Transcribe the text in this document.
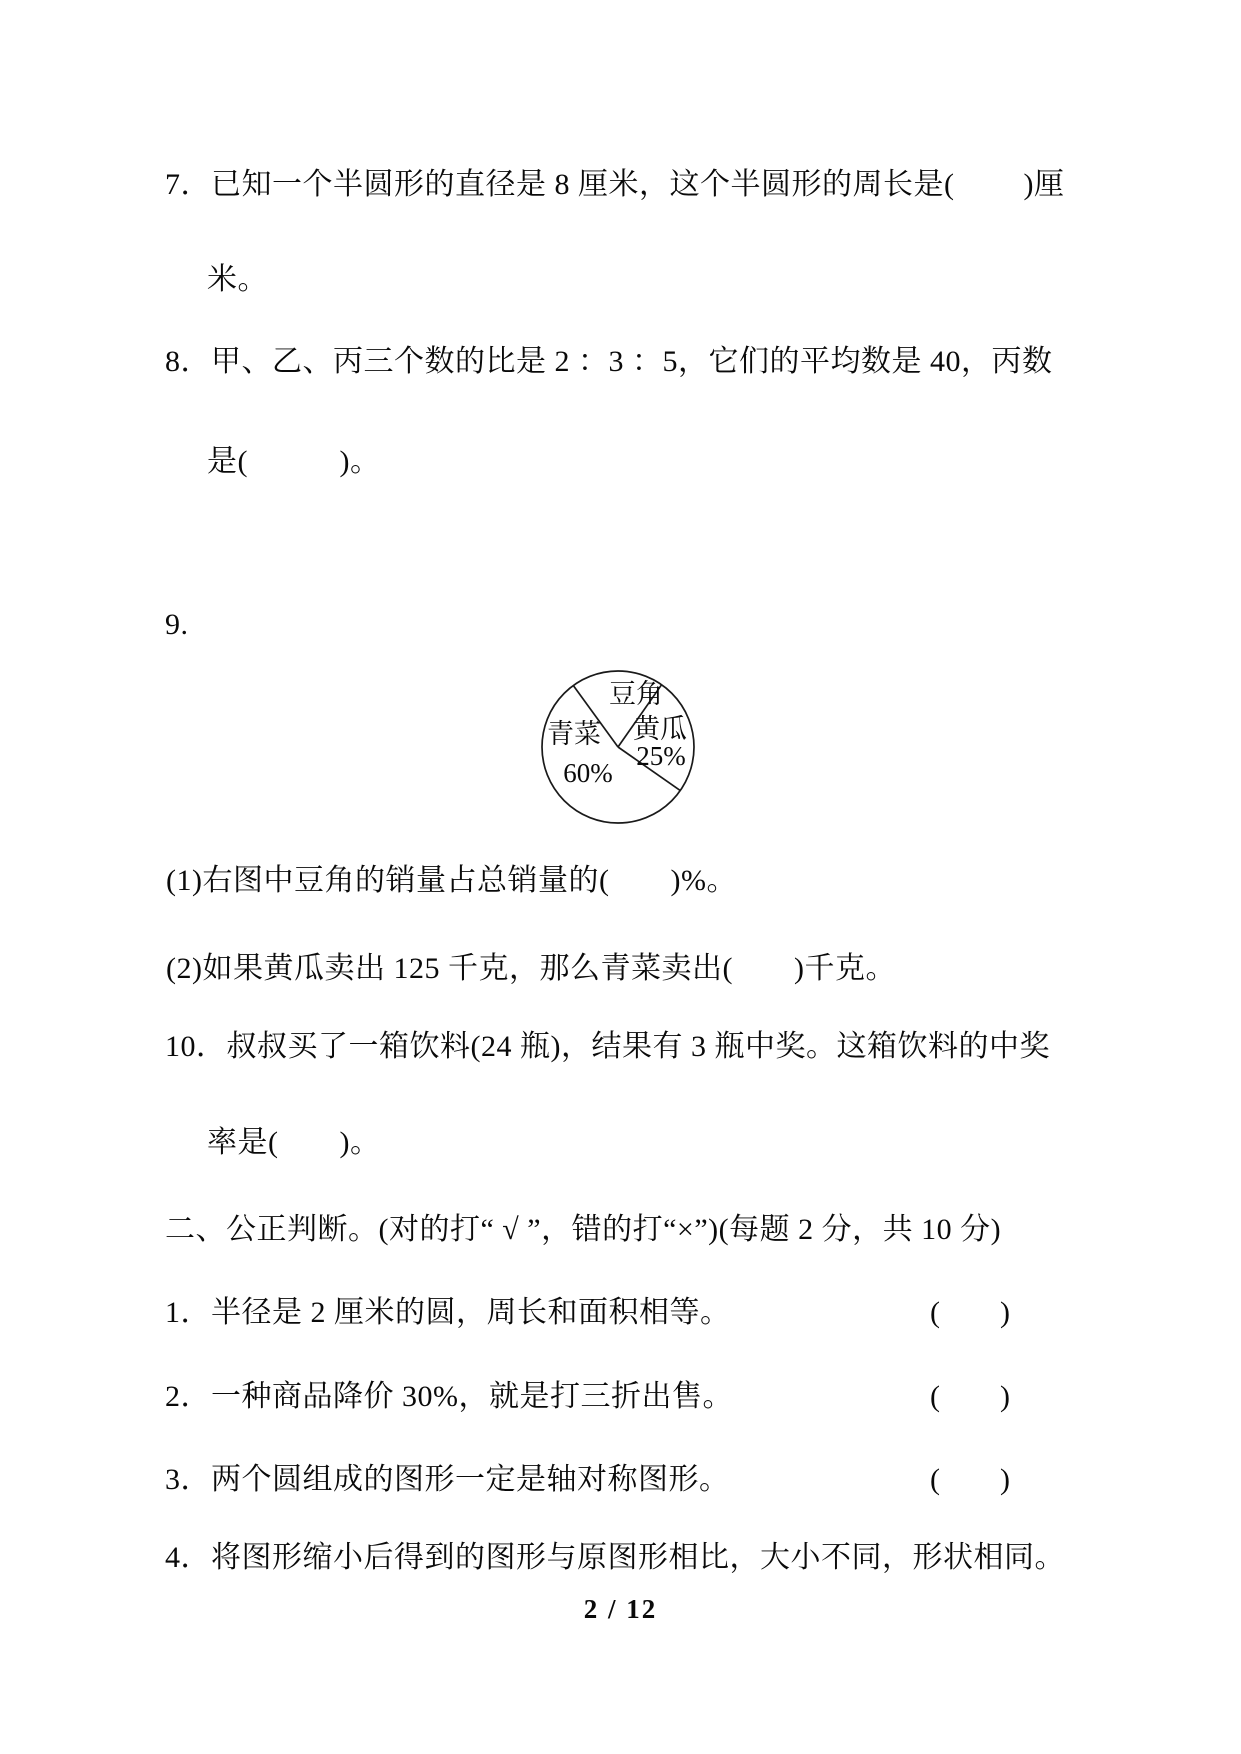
7．已知一个半圆形的直径是 8 厘米，这个半圆形的周长是(　　 )厘
米。
8．甲、乙、丙三个数的比是 2 ：3 ：5，它们的平均数是 40，丙数
是(　　　)。
9.
豆角
黄瓜
25%
青菜
60%
(1)右图中豆角的销量占总销量的(　　)%。
(2)如果黄瓜卖出 125 千克，那么青菜卖出(　　)千克。
10．叔叔买了一箱饮料(24 瓶)，结果有 3 瓶中奖。这箱饮料的中奖
率是(　　)。
二、公正判断。(对的打“ √ ”，错的打“×”)(每题 2 分，共 10 分)
1．半径是 2 厘米的圆，周长和面积相等。	(　　)
2．一种商品降价 30%，就是打三折出售。	(　　)
3．两个圆组成的图形一定是轴对称图形。	(　　)
4．将图形缩小后得到的图形与原图形相比，大小不同，形状相同。
2 / 12
